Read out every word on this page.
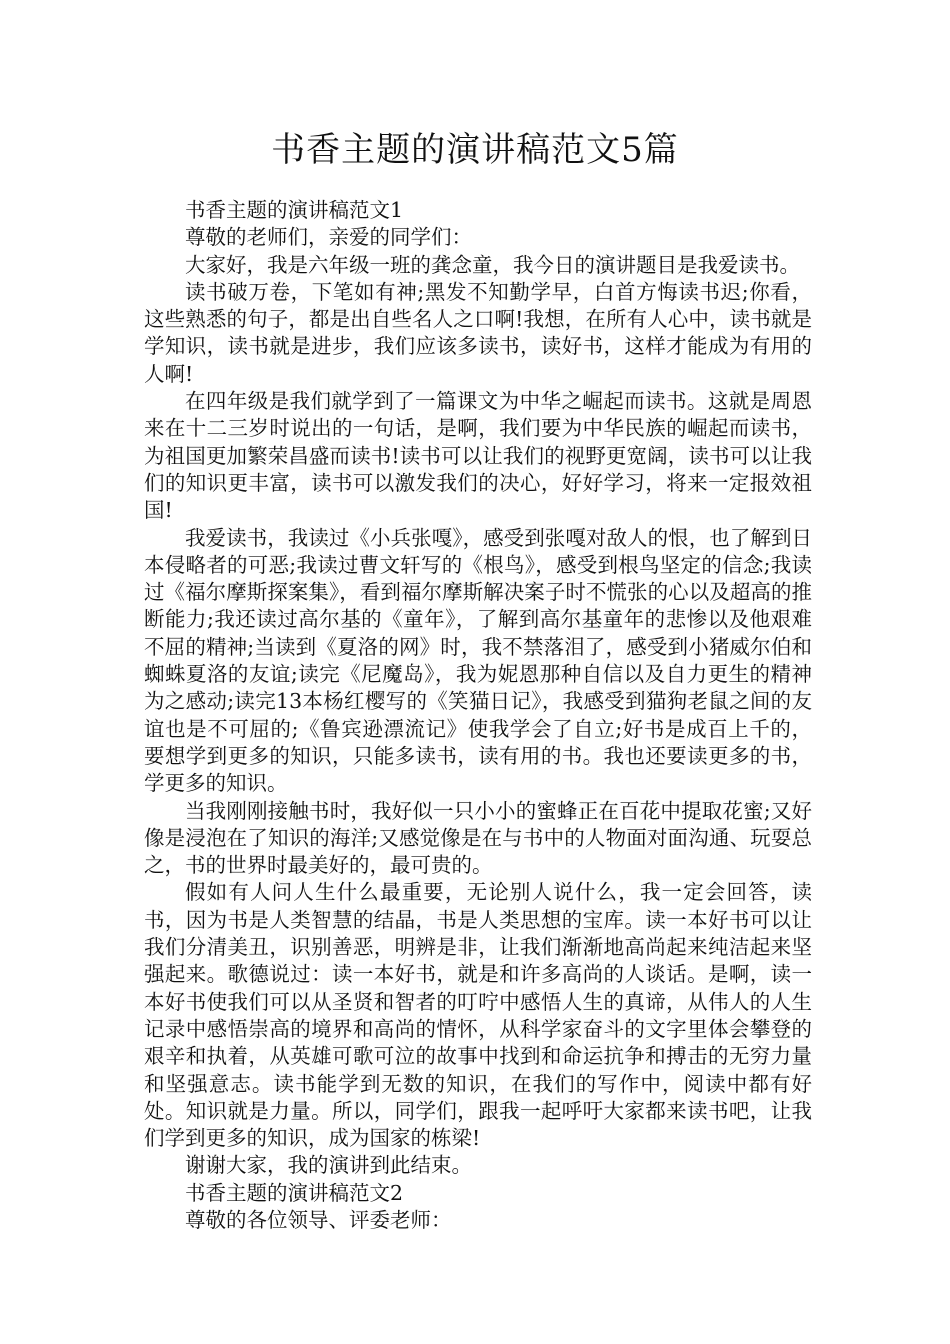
书香主题的演讲稿范文5篇

书香主题的演讲稿范文1

尊敬的老师们，亲爱的同学们：

大家好，我是六年级一班的龚念童，我今日的演讲题目是我爱读书。

读书破万卷，下笔如有神;黑发不知勤学早，白首方悔读书迟;你看，这些熟悉的句子，都是出自些名人之口啊!我想，在所有人心中，读书就是学知识，读书就是进步，我们应该多读书，读好书，这样才能成为有用的人啊!

在四年级是我们就学到了一篇课文为中华之崛起而读书。这就是周恩来在十二三岁时说出的一句话，是啊，我们要为中华民族的崛起而读书，为祖国更加繁荣昌盛而读书!读书可以让我们的视野更宽阔，读书可以让我们的知识更丰富，读书可以激发我们的决心，好好学习，将来一定报效祖国!

我爱读书，我读过《小兵张嘎》，感受到张嘎对敌人的恨，也了解到日本侵略者的可恶;我读过曹文轩写的《根鸟》，感受到根鸟坚定的信念;我读过《福尔摩斯探案集》，看到福尔摩斯解决案子时不慌张的心以及超高的推断能力;我还读过高尔基的《童年》，了解到高尔基童年的悲惨以及他艰难不屈的精神;当读到《夏洛的网》时，我不禁落泪了，感受到小猪威尔伯和蜘蛛夏洛的友谊;读完《尼魔岛》，我为妮恩那种自信以及自力更生的精神为之感动;读完13本杨红樱写的《笑猫日记》，我感受到猫狗老鼠之间的友谊也是不可屈的;《鲁宾逊漂流记》使我学会了自立;好书是成百上千的，要想学到更多的知识，只能多读书，读有用的书。我也还要读更多的书，学更多的知识。

当我刚刚接触书时，我好似一只小小的蜜蜂正在百花中提取花蜜;又好像是浸泡在了知识的海洋;又感觉像是在与书中的人物面对面沟通、玩耍总之，书的世界时最美好的，最可贵的。

假如有人问人生什么最重要，无论别人说什么，我一定会回答，读书，因为书是人类智慧的结晶，书是人类思想的宝库。读一本好书可以让我们分清美丑，识别善恶，明辨是非，让我们渐渐地高尚起来纯洁起来坚强起来。歌德说过：读一本好书，就是和许多高尚的人谈话。是啊，读一本好书使我们可以从圣贤和智者的叮咛中感悟人生的真谛，从伟人的人生记录中感悟崇高的境界和高尚的情怀，从科学家奋斗的文字里体会攀登的艰辛和执着，从英雄可歌可泣的故事中找到和命运抗争和搏击的无穷力量和坚强意志。读书能学到无数的知识，在我们的写作中，阅读中都有好处。知识就是力量。所以，同学们，跟我一起呼吁大家都来读书吧，让我们学到更多的知识，成为国家的栋梁!

谢谢大家，我的演讲到此结束。

书香主题的演讲稿范文2

尊敬的各位领导、评委老师：
